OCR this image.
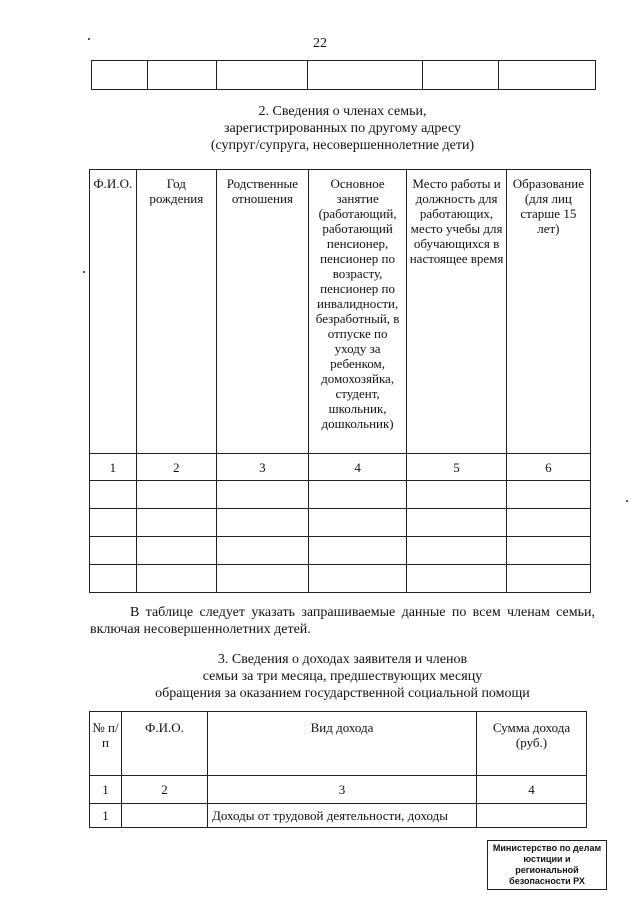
22

2. Сведения о членах семьи,
зарегистрированных по другому адресу
(супруг/супруга, несовершеннолетние дети)
Ф.И.О.	Год рождения	Родственные отношения	Основное занятие (работающий, работающий пенсионер, пенсионер по возрасту, пенсионер по инвалидности, безработный, в отпуске по уходу за ребенком, домохозяйка, студент, школьник, дошкольник)	Место работы и должность для работающих, место учебы для обучающихся в настоящее время	Образование (для лиц старше 15 лет)
1	2	3	4	5	6

В таблице следует указать запрашиваемые данные по всем членам семьи, включая несовершеннолетних детей.
3. Сведения о доходах заявителя и членов
семьи за три месяца, предшествующих месяцу
обращения за оказанием государственной социальной помощи
№ п/п	Ф.И.О.	Вид дохода	Сумма дохода (руб.)
1	2	3	4
1		Доходы от трудовой деятельности, доходы	
Министерство по делам
юстиции и региональной
безопасности РХ
